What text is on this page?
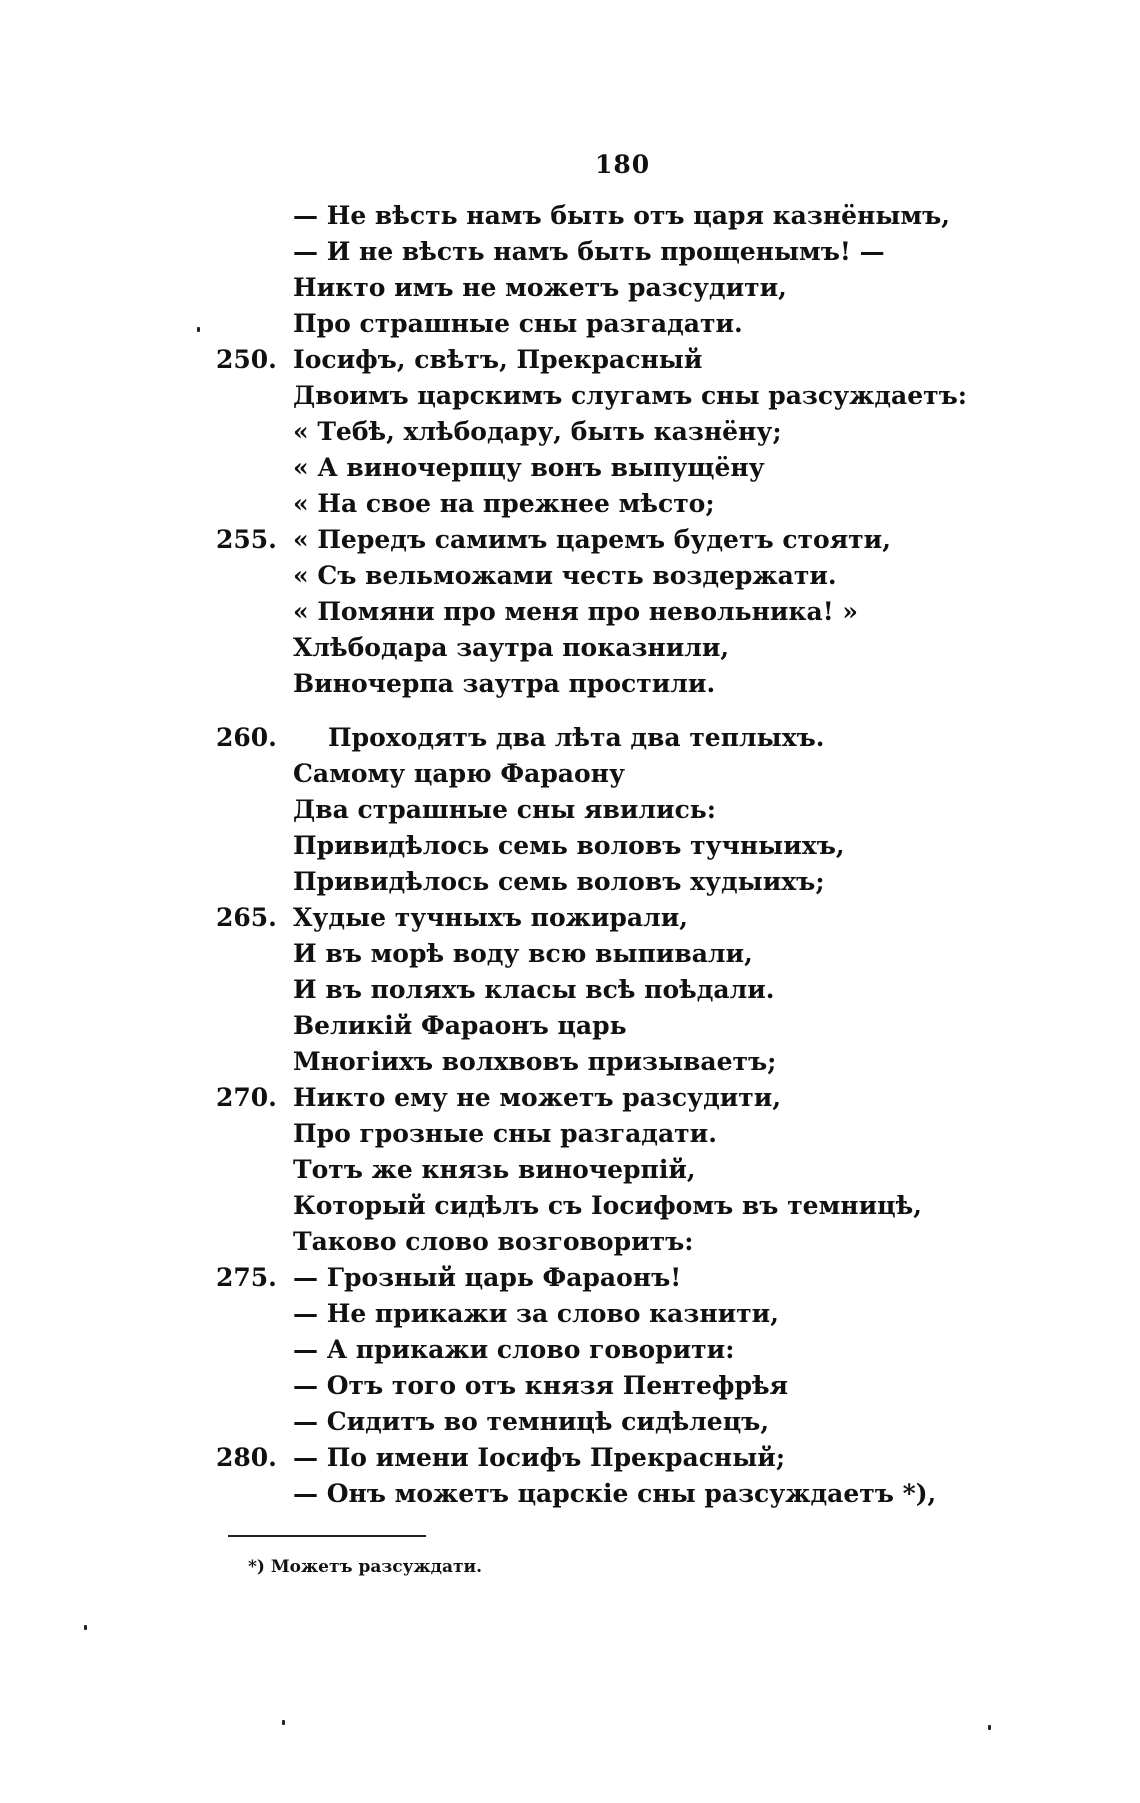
180
— Не вѣсть намъ быть отъ царя казнёнымъ,
— И не вѣсть намъ быть прощенымъ! —
Никто имъ не можетъ разсудити,
Про страшные сны разгадати.
250. Іосифъ, свѣтъ, Прекрасный
Двоимъ царскимъ слугамъ сны разсуждаетъ:
« Тебѣ, хлѣбодару, быть казнёну;
« А виночерпцу вонъ выпущёну
« На свое на прежнее мѣсто;
255. « Передъ самимъ царемъ будетъ стояти,
« Съ вельможами честь воздержати.
« Помяни про меня про невольника! »
Хлѣбодара заутра показнили,
Виночерпа заутра простили.
260.	Проходятъ два лѣта два теплыхъ.
Самому царю Фараону
Два страшные сны явились:
Привидѣлось семь воловъ тучныихъ,
Привидѣлось семь воловъ худыихъ;
265. Худые тучныхъ пожирали,
И въ морѣ воду всю выпивали,
И въ поляхъ класы всѣ поѣдали.
Великій Фараонъ царь
Многіихъ волхвовъ призываетъ;
270. Никто ему не можетъ разсудити,
Про грозные сны разгадати.
Тотъ же князь виночерпій,
Который сидѣлъ съ Іосифомъ въ темницѣ,
Таково слово возговоритъ:
275. — Грозный царь Фараонъ!
— Не прикажи за слово казнити,
— А прикажи слово говорити:
— Отъ того отъ князя Пентефрѣя
— Сидитъ во темницѣ сидѣлецъ,
280. — По имени Іосифъ Прекрасный;
— Онъ можетъ царскіе сны разсуждаетъ *),
*) Можетъ разсуждати.
